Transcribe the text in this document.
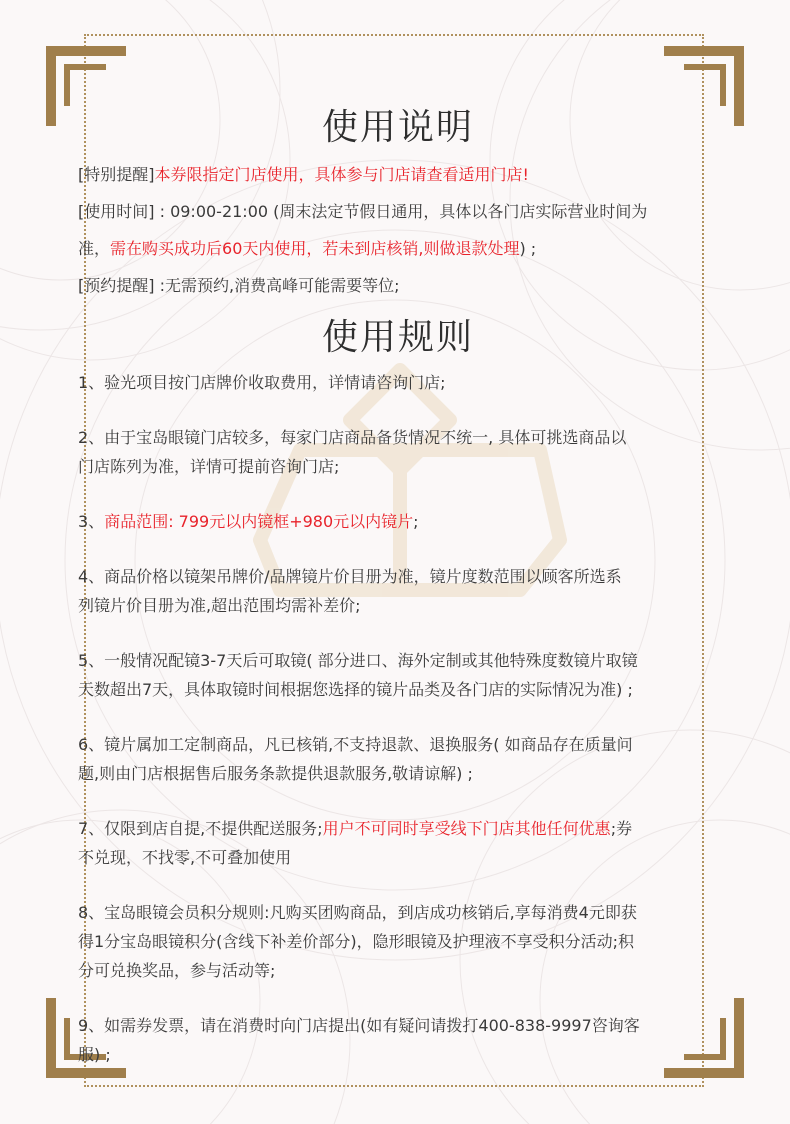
使用说明

[特别提醒]本券限指定门店使用，具体参与门店请查看适用门店!

[使用时间] : 09:00-21:00 (周末法定节假日通用，具体以各门店实际营业时间为

准，需在购买成功后60天内使用，若未到店核销,则做退款处理) ;

[预约提醒] :无需预约,消费高峰可能需要等位;

使用规则

1、验光项目按门店牌价收取费用，详情请咨询门店;

2、由于宝岛眼镜门店较多，每家门店商品备货情况不统一, 具体可挑选商品以
门店陈列为准，详情可提前咨询门店;

3、商品范围: 799元以内镜框+980元以内镜片;

4、商品价格以镜架吊牌价/品牌镜片价目册为准，镜片度数范围以顾客所选系
列镜片价目册为准,超出范围均需补差价;

5、一般情况配镜3-7天后可取镜( 部分进口、海外定制或其他特殊度数镜片取镜
天数超出7天，具体取镜时间根据您选择的镜片品类及各门店的实际情况为准) ;

6、镜片属加工定制商品，凡已核销,不支持退款、退换服务( 如商品存在质量问
题,则由门店根据售后服务条款提供退款服务,敬请谅解) ;

7、仅限到店自提,不提供配送服务;用户不可同时享受线下门店其他任何优惠;券
不兑现，不找零,不可叠加使用

8、宝岛眼镜会员积分规则:凡购买团购商品，到店成功核销后,享每消费4元即获
得1分宝岛眼镜积分(含线下补差价部分)，隐形眼镜及护理液不享受积分活动;积
分可兑换奖品，参与活动等;

9、如需券发票，请在消费时向门店提出(如有疑问请拨打400-838-9997咨询客
服) ;
